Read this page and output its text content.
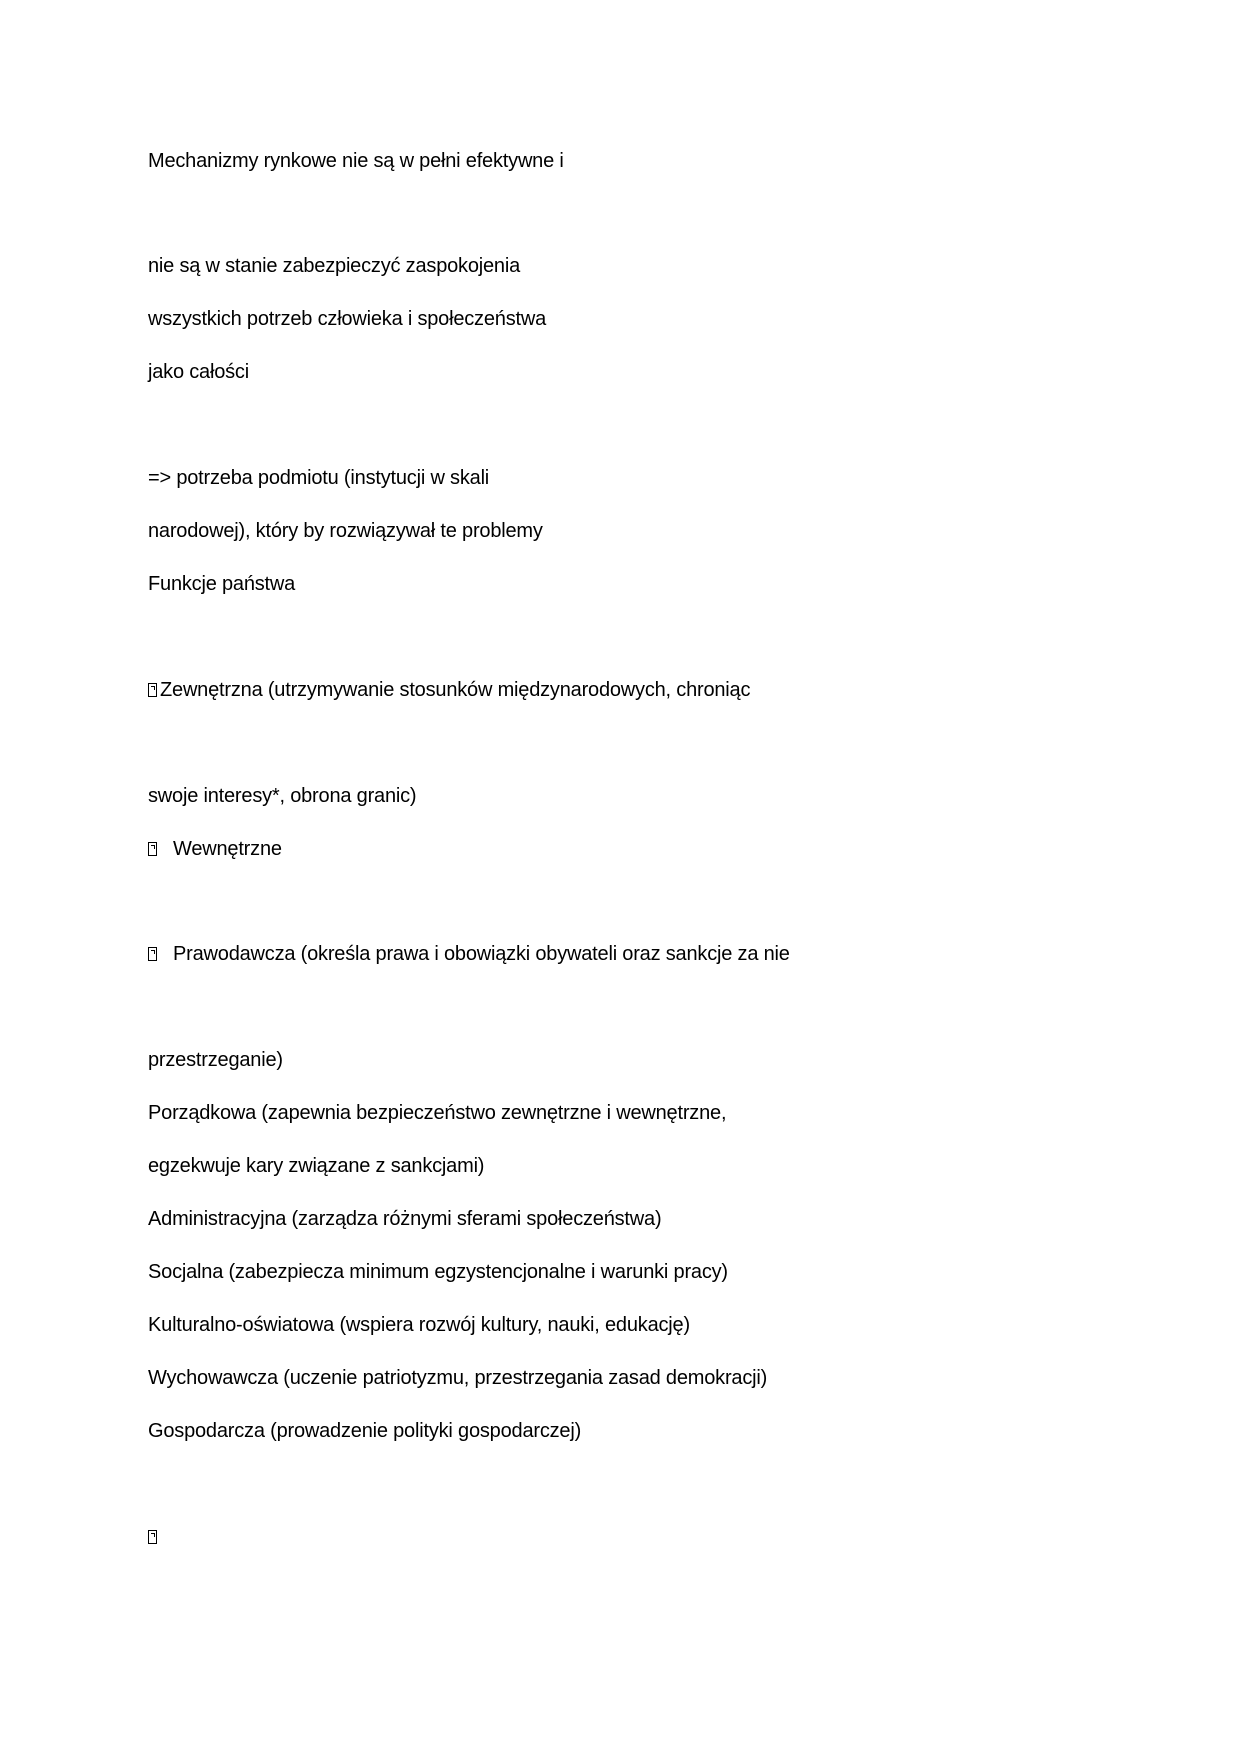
Mechanizmy rynkowe nie są w pełni efektywne i
nie są w stanie zabezpieczyć zaspokojenia
wszystkich potrzeb człowieka i społeczeństwa
jako całości
=> potrzeba podmiotu (instytucji w skali
narodowej), który by rozwiązywał te problemy
Funkcje państwa
Zewnętrzna (utrzymywanie stosunków międzynarodowych, chroniąc
swoje interesy*, obrona granic)
Wewnętrzne
Prawodawcza (określa prawa i obowiązki obywateli oraz sankcje za nie
przestrzeganie)
Porządkowa (zapewnia bezpieczeństwo zewnętrzne i wewnętrzne,
egzekwuje kary związane z sankcjami)
Administracyjna (zarządza różnymi sferami społeczeństwa)
Socjalna (zabezpiecza minimum egzystencjonalne i warunki pracy)
Kulturalno-oświatowa (wspiera rozwój kultury, nauki, edukację)
Wychowawcza (uczenie patriotyzmu, przestrzegania zasad demokracji)
Gospodarcza (prowadzenie polityki gospodarczej)
